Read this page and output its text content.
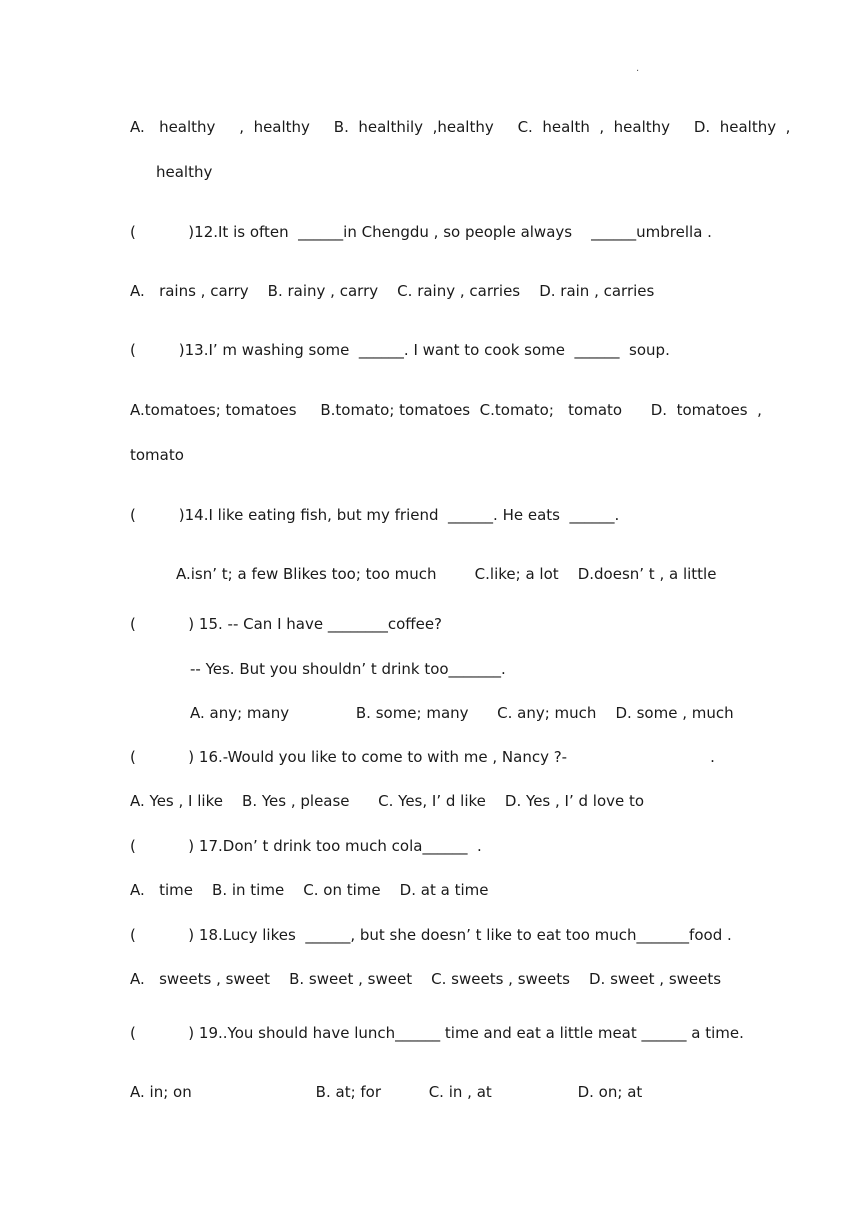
.
A.   healthy     ,  healthy     B.  healthily  ,healthy     C.  health  ,  healthy     D.  healthy  ,
healthy
(           )12.It is often  ______in Chengdu , so people always    ______umbrella .
A.   rains , carry    B. rainy , carry    C. rainy , carries    D. rain , carries
(         )13.I’ m washing some  ______. I want to cook some  ______  soup.
A.tomatoes; tomatoes     B.tomato; tomatoes  C.tomato;   tomato      D.  tomatoes  ,
tomato
(         )14.I like eating fish, but my friend  ______. He eats  ______.
A.isn’ t; a few Blikes too; too much        C.like; a lot    D.doesn’ t , a little
(           ) 15. -- Can I have ________coffee?
-- Yes. But you shouldn’ t drink too_______.
A. any; many              B. some; many      C. any; much    D. some , much
(           ) 16.-Would you like to come to with me , Nancy ?-                              .
A. Yes , I like    B. Yes , please      C. Yes, I’ d like    D. Yes , I’ d love to
(           ) 17.Don’ t drink too much cola______  .
A.   time    B. in time    C. on time    D. at a time
(           ) 18.Lucy likes  ______, but she doesn’ t like to eat too much_______food .
A.   sweets , sweet    B. sweet , sweet    C. sweets , sweets    D. sweet , sweets
(           ) 19..You should have lunch______ time and eat a little meat ______ a time.
A. in; on                          B. at; for          C. in , at                  D. on; at
